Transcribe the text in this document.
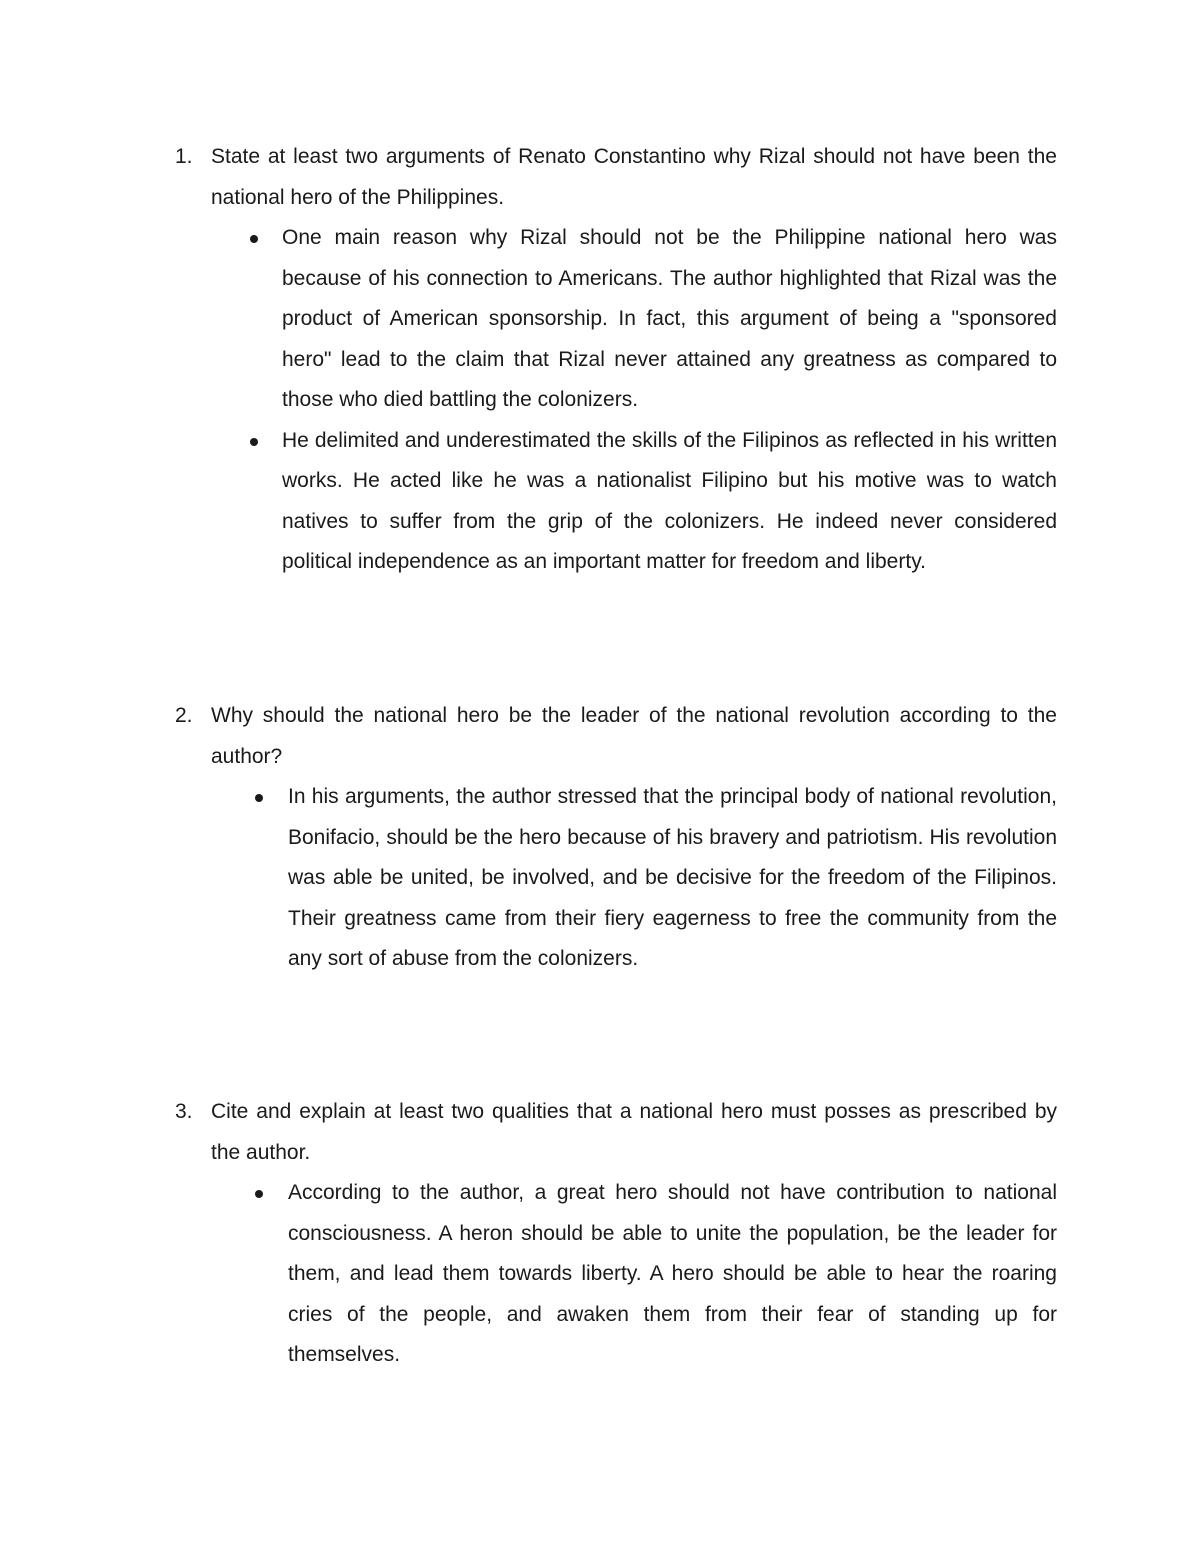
1. State at least two arguments of Renato Constantino why Rizal should not have been the national hero of the Philippines.
One main reason why Rizal should not be the Philippine national hero was because of his connection to Americans. The author highlighted that Rizal was the product of American sponsorship. In fact, this argument of being a "sponsored hero" lead to the claim that Rizal never attained any greatness as compared to those who died battling the colonizers.
He delimited and underestimated the skills of the Filipinos as reflected in his written works. He acted like he was a nationalist Filipino but his motive was to watch natives to suffer from the grip of the colonizers. He indeed never considered political independence as an important matter for freedom and liberty.
2. Why should the national hero be the leader of the national revolution according to the author?
In his arguments, the author stressed that the principal body of national revolution, Bonifacio, should be the hero because of his bravery and patriotism. His revolution was able be united, be involved, and be decisive for the freedom of the Filipinos. Their greatness came from their fiery eagerness to free the community from the any sort of abuse from the colonizers.
3. Cite and explain at least two qualities that a national hero must posses as prescribed by the author.
According to the author, a great hero should not have contribution to national consciousness. A heron should be able to unite the population, be the leader for them, and lead them towards liberty. A hero should be able to hear the roaring cries of the people, and awaken them from their fear of standing up for themselves.
